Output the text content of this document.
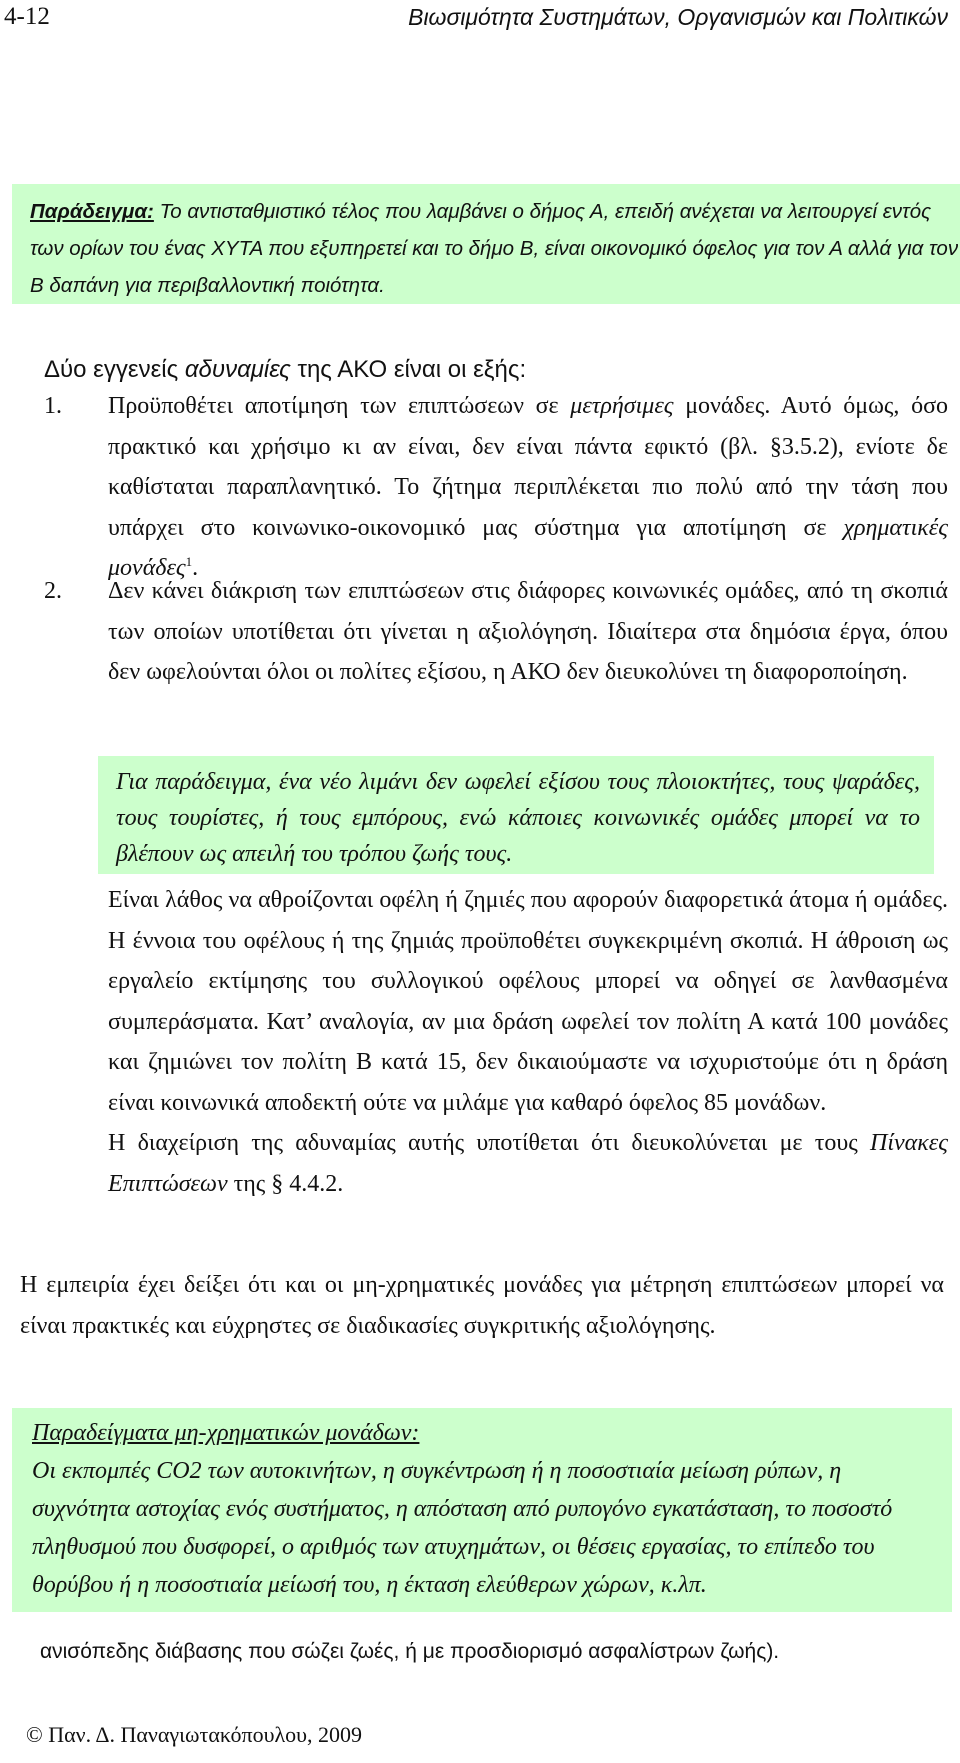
4-12	Βιωσιμότητα Συστημάτων, Οργανισμών και Πολιτικών

Παράδειγμα: Το αντισταθμιστικό τέλος που λαμβάνει ο δήμος Α, επειδή ανέχεται να λειτουργεί εντός των ορίων του ένας ΧΥΤΑ που εξυπηρετεί και το δήμο Β, είναι οικονομικό όφελος για τον Α αλλά για τον Β δαπάνη για περιβαλλοντική ποιότητα.

Δύο εγγενείς αδυναμίες της ΑΚΟ είναι οι εξής:
1.	Προϋποθέτει αποτίμηση των επιπτώσεων σε μετρήσιμες μονάδες. Αυτό όμως, όσο πρακτικό και χρήσιμο κι αν είναι, δεν είναι πάντα εφικτό (βλ. §3.5.2), ενίοτε δε καθίσταται παραπλανητικό. Το ζήτημα περιπλέκεται πιο πολύ από την τάση που υπάρχει στο κοινωνικο-οικονομικό μας σύστημα για αποτίμηση σε χρηματικές μονάδες$^1$.
2.	Δεν κάνει διάκριση των επιπτώσεων στις διάφορες κοινωνικές ομάδες, από τη σκοπιά των οποίων υποτίθεται ότι γίνεται η αξιολόγηση. Ιδιαίτερα στα δημόσια έργα, όπου δεν ωφελούνται όλοι οι πολίτες εξίσου, η ΑΚΟ δεν διευκολύνει τη διαφοροποίηση.

Για παράδειγμα, ένα νέο λιμάνι δεν ωφελεί εξίσου τους πλοιοκτήτες, τους ψαράδες, τους τουρίστες, ή τους εμπόρους, ενώ κάποιες κοινωνικές ομάδες μπορεί να το βλέπουν ως απειλή του τρόπου ζωής τους.

Είναι λάθος να αθροίζονται οφέλη ή ζημιές που αφορούν διαφορετικά άτομα ή ομάδες. Η έννοια του οφέλους ή της ζημιάς προϋποθέτει συγκεκριμένη σκοπιά. Η άθροιση ως εργαλείο εκτίμησης του συλλογικού οφέλους μπορεί να οδηγεί σε λανθασμένα συμπεράσματα. Κατ’ αναλογία, αν μια δράση ωφελεί τον πολίτη Α κατά 100 μονάδες και ζημιώνει τον πολίτη Β κατά 15, δεν δικαιούμαστε να ισχυριστούμε ότι η δράση είναι κοινωνικά αποδεκτή ούτε να μιλάμε για καθαρό όφελος 85 μονάδων.
Η διαχείριση της αδυναμίας αυτής υποτίθεται ότι διευκολύνεται με τους Πίνακες Επιπτώσεων της § 4.4.2.
Η εμπειρία έχει δείξει ότι και οι μη-χρηματικές μονάδες για μέτρηση επιπτώσεων μπορεί να είναι πρακτικές και εύχρηστες σε διαδικασίες συγκριτικής αξιολόγησης.

Παραδείγματα μη-χρηματικών μονάδων:
Οι εκπομπές CO2 των αυτοκινήτων, η συγκέντρωση ή η ποσοστιαία μείωση ρύπων, η συχνότητα αστοχίας ενός συστήματος, η απόσταση από ρυπογόνο εγκατάσταση, το ποσοστό πληθυσμού που δυσφορεί, ο αριθμός των ατυχημάτων, οι θέσεις εργασίας, το επίπεδο του θορύβου ή η ποσοστιαία μείωσή του, η έκταση ελεύθερων χώρων, κ.λπ.

ανισόπεδης διάβασης που σώζει ζωές, ή με προσδιορισμό ασφαλίστρων ζωής).
© Παν. Δ. Παναγιωτακόπουλου, 2009
